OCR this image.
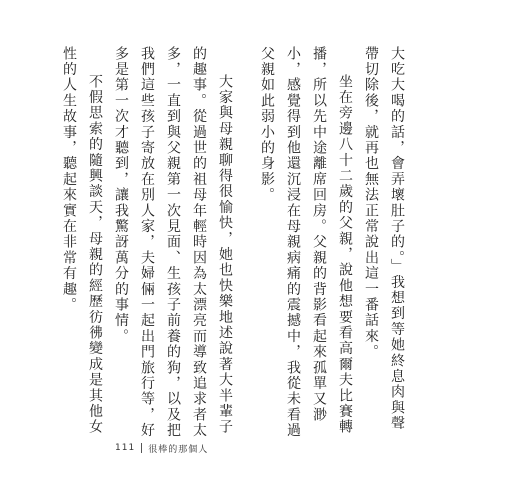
大吃大喝的話，會弄壞肚子的。」我想到等她終息肉與聲帶切除後，就再也無法正常說出這一番話來。

坐在旁邊八十二歲的父親，說他想要看高爾夫比賽轉播，所以先中途離席回房。父親的背影看起來孤單又渺小，感覺得到他還沉浸在母親病痛的震撼中，我從未看過父親如此弱小的身影。

大家與母親聊得很愉快，她也快樂地述說著大半輩子的趣事。從過世的祖母年輕時因為太漂亮而導致追求者太多，一直到與父親第一次見面、生孩子前養的狗，以及把我們這些孩子寄放在別人家，夫婦倆一起出門旅行等，好多是第一次才聽到，讓我驚訝萬分的事情。

不假思索的隨興談天，母親的經歷彷彿變成是其他女性的人生故事，聽起來實在非常有趣。

111 很棒的那個人
